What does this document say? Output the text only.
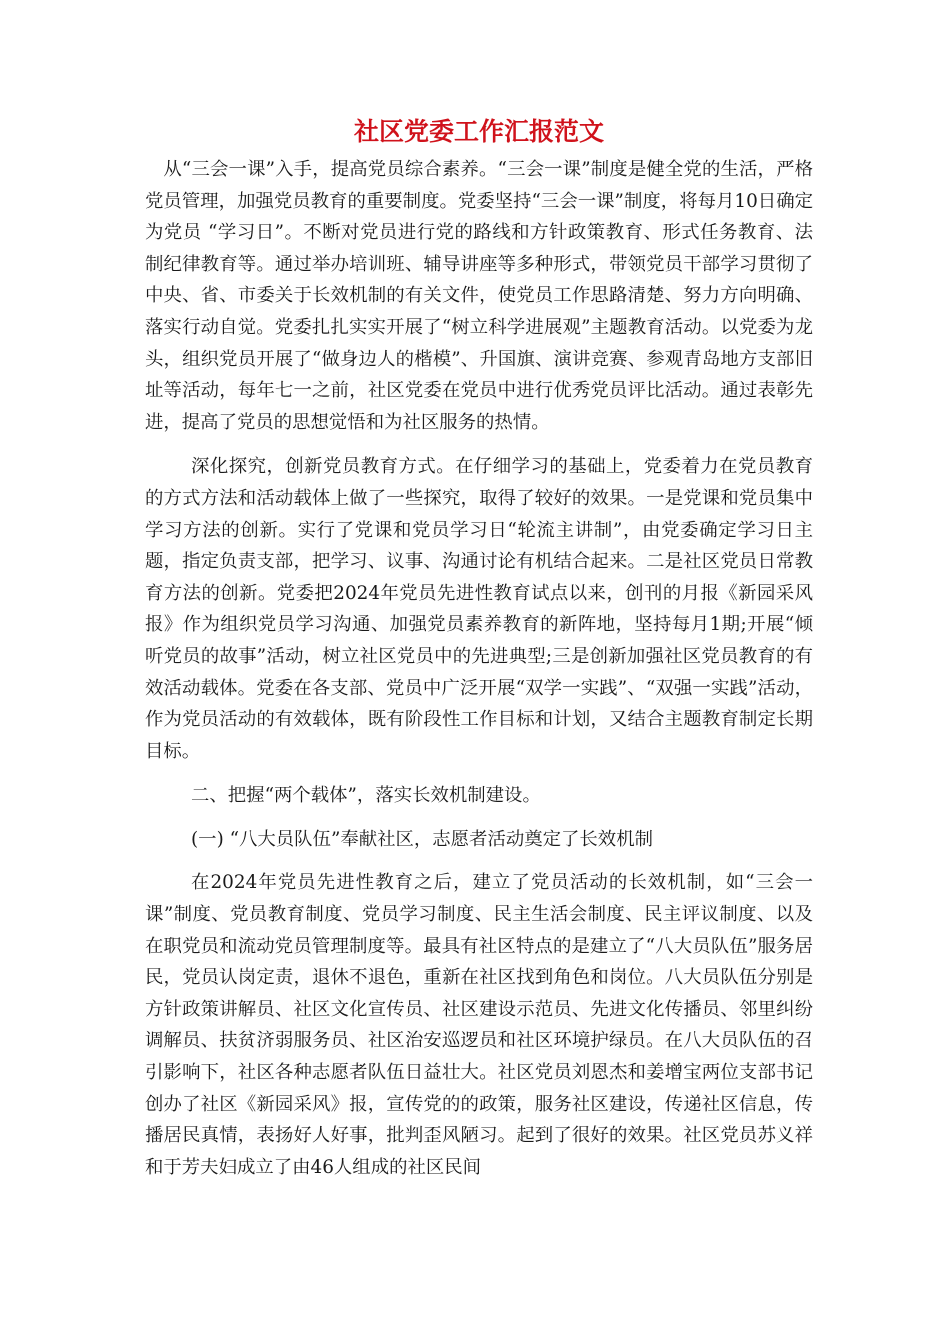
社区党委工作汇报范文

从“三会一课”入手，提高党员综合素养。“三会一课”制度是健全党的生活，严格党员管理，加强党员教育的重要制度。党委坚持“三会一课”制度，将每月10日确定为党员 “学习日”。不断对党员进行党的路线和方针政策教育、形式任务教育、法制纪律教育等。通过举办培训班、辅导讲座等多种形式，带领党员干部学习贯彻了中央、省、市委关于长效机制的有关文件，使党员工作思路清楚、努力方向明确、落实行动自觉。党委扎扎实实开展了“树立科学进展观”主题教育活动。以党委为龙头，组织党员开展了“做身边人的楷模”、升国旗、演讲竞赛、参观青岛地方支部旧址等活动，每年七一之前，社区党委在党员中进行优秀党员评比活动。通过表彰先进，提高了党员的思想觉悟和为社区服务的热情。

深化探究，创新党员教育方式。在仔细学习的基础上，党委着力在党员教育的方式方法和活动载体上做了一些探究，取得了较好的效果。一是党课和党员集中学习方法的创新。实行了党课和党员学习日“轮流主讲制”，由党委确定学习日主题，指定负责支部，把学习、议事、沟通讨论有机结合起来。二是社区党员日常教育方法的创新。党委把2024年党员先进性教育试点以来，创刊的月报《新园采风报》作为组织党员学习沟通、加强党员素养教育的新阵地，坚持每月1期;开展“倾听党员的故事”活动，树立社区党员中的先进典型;三是创新加强社区党员教育的有效活动载体。党委在各支部、党员中广泛开展“双学一实践”、“双强一实践”活动，作为党员活动的有效载体，既有阶段性工作目标和计划，又结合主题教育制定长期目标。

二、把握“两个载体”，落实长效机制建设。

(一) “八大员队伍”奉献社区，志愿者活动奠定了长效机制

在2024年党员先进性教育之后，建立了党员活动的长效机制，如“三会一课”制度、党员教育制度、党员学习制度、民主生活会制度、民主评议制度、以及在职党员和流动党员管理制度等。最具有社区特点的是建立了“八大员队伍”服务居民，党员认岗定责，退休不退色，重新在社区找到角色和岗位。八大员队伍分别是方针政策讲解员、社区文化宣传员、社区建设示范员、先进文化传播员、邻里纠纷调解员、扶贫济弱服务员、社区治安巡逻员和社区环境护绿员。在八大员队伍的召引影响下，社区各种志愿者队伍日益壮大。社区党员刘恩杰和姜增宝两位支部书记创办了社区《新园采风》报，宣传党的的政策，服务社区建设，传递社区信息，传播居民真情，表扬好人好事，批判歪风陋习。起到了很好的效果。社区党员苏义祥和于芳夫妇成立了由46人组成的社区民间
